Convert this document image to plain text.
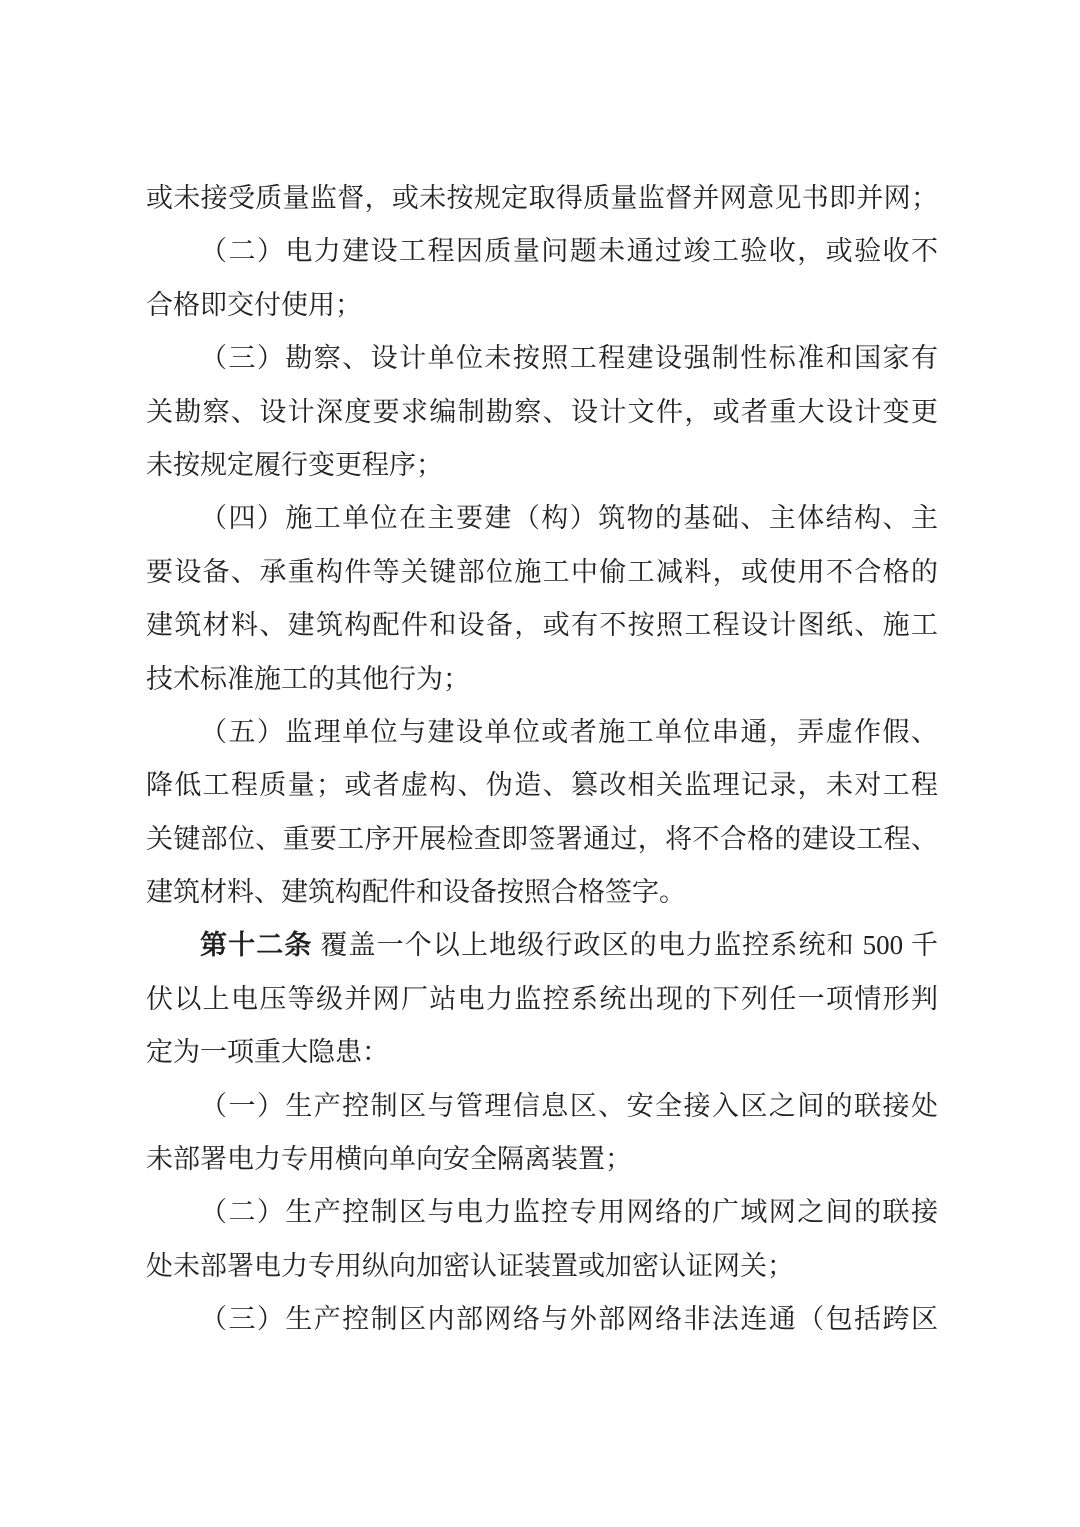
或未接受质量监督，或未按规定取得质量监督并网意见书即并网；
（二）电力建设工程因质量问题未通过竣工验收，或验收不
合格即交付使用；
（三）勘察、设计单位未按照工程建设强制性标准和国家有
关勘察、设计深度要求编制勘察、设计文件，或者重大设计变更
未按规定履行变更程序；
（四）施工单位在主要建（构）筑物的基础、主体结构、主
要设备、承重构件等关键部位施工中偷工减料，或使用不合格的
建筑材料、建筑构配件和设备，或有不按照工程设计图纸、施工
技术标准施工的其他行为；
（五）监理单位与建设单位或者施工单位串通，弄虚作假、
降低工程质量；或者虚构、伪造、篡改相关监理记录，未对工程
关键部位、重要工序开展检查即签署通过，将不合格的建设工程、
建筑材料、建筑构配件和设备按照合格签字。
第十二条 覆盖一个以上地级行政区的电力监控系统和 500 千
伏以上电压等级并网厂站电力监控系统出现的下列任一项情形判
定为一项重大隐患：
（一）生产控制区与管理信息区、安全接入区之间的联接处
未部署电力专用横向单向安全隔离装置；
（二）生产控制区与电力监控专用网络的广域网之间的联接
处未部署电力专用纵向加密认证装置或加密认证网关；
（三）生产控制区内部网络与外部网络非法连通（包括跨区
